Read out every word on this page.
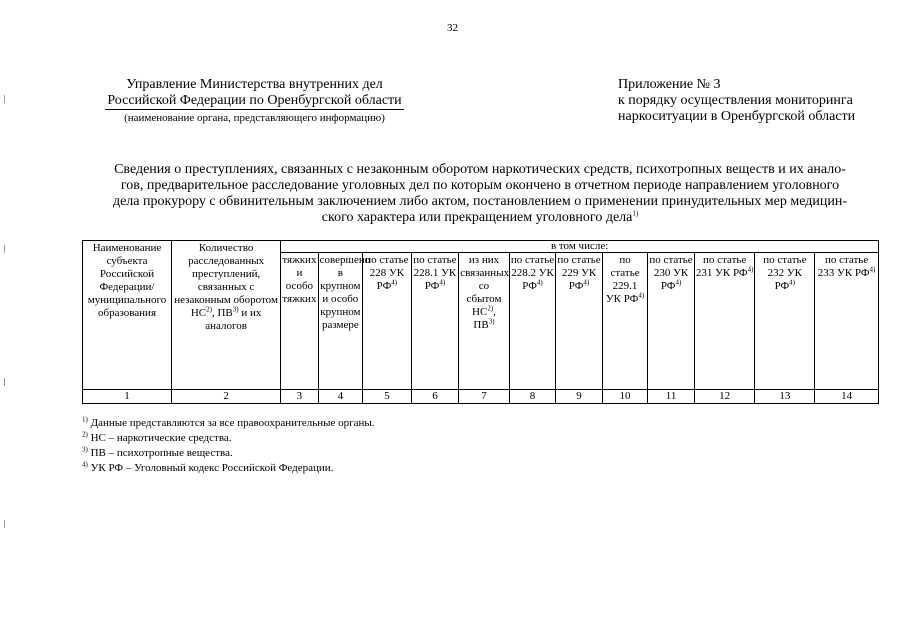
32
Управление Министерства внутренних дел
Российской Федерации по Оренбургской области
(наименование органа, представляющего информацию)
Приложение № 3
к порядку осуществления мониторинга
наркоситуации в Оренбургской области
Сведения о преступлениях, связанных с незаконным оборотом наркотических средств, психотропных веществ и их анало-
гов, предварительное расследование уголовных дел по которым окончено в отчетном периоде направлением уголовного
дела прокурору с обвинительным заключением либо актом, постановлением о применении принудительных мер медицин-
ского характера или прекращением уголовного дела$^{1)}$
Наименование субъекта Российской Федерации/ муниципального образования	Количество расследованных преступлений, связанных с незаконным оборотом НС$^{2)}$, ПВ$^{3)}$ и их аналогов	в том числе:											
		тяжких и особо тяжких	совершено в крупном и особо крупном размере	по статье 228 УК РФ$^{4)}$	по статье 228.1 УК РФ$^{4)}$	из них связанных со сбытом НС$^{2)}$, ПВ$^{3)}$	по статье 228.2 УК РФ$^{4)}$	по статье 229 УК РФ$^{4)}$	по статье 229.1 УК РФ$^{4)}$	по статье 230 УК РФ$^{4)}$	по статье 231 УК РФ$^{4)}$	по статье 232 УК РФ$^{4)}$	по статье 233 УК РФ$^{4)}$
1	2	3	4	5	6	7	8	9	10	11	12	13	14
$^{1)}$ Данные представляются за все правоохранительные органы.
$^{2)}$ НС – наркотические средства.
$^{3)}$ ПВ – психотропные вещества.
$^{4)}$ УК РФ – Уголовный кодекс Российской Федерации.
